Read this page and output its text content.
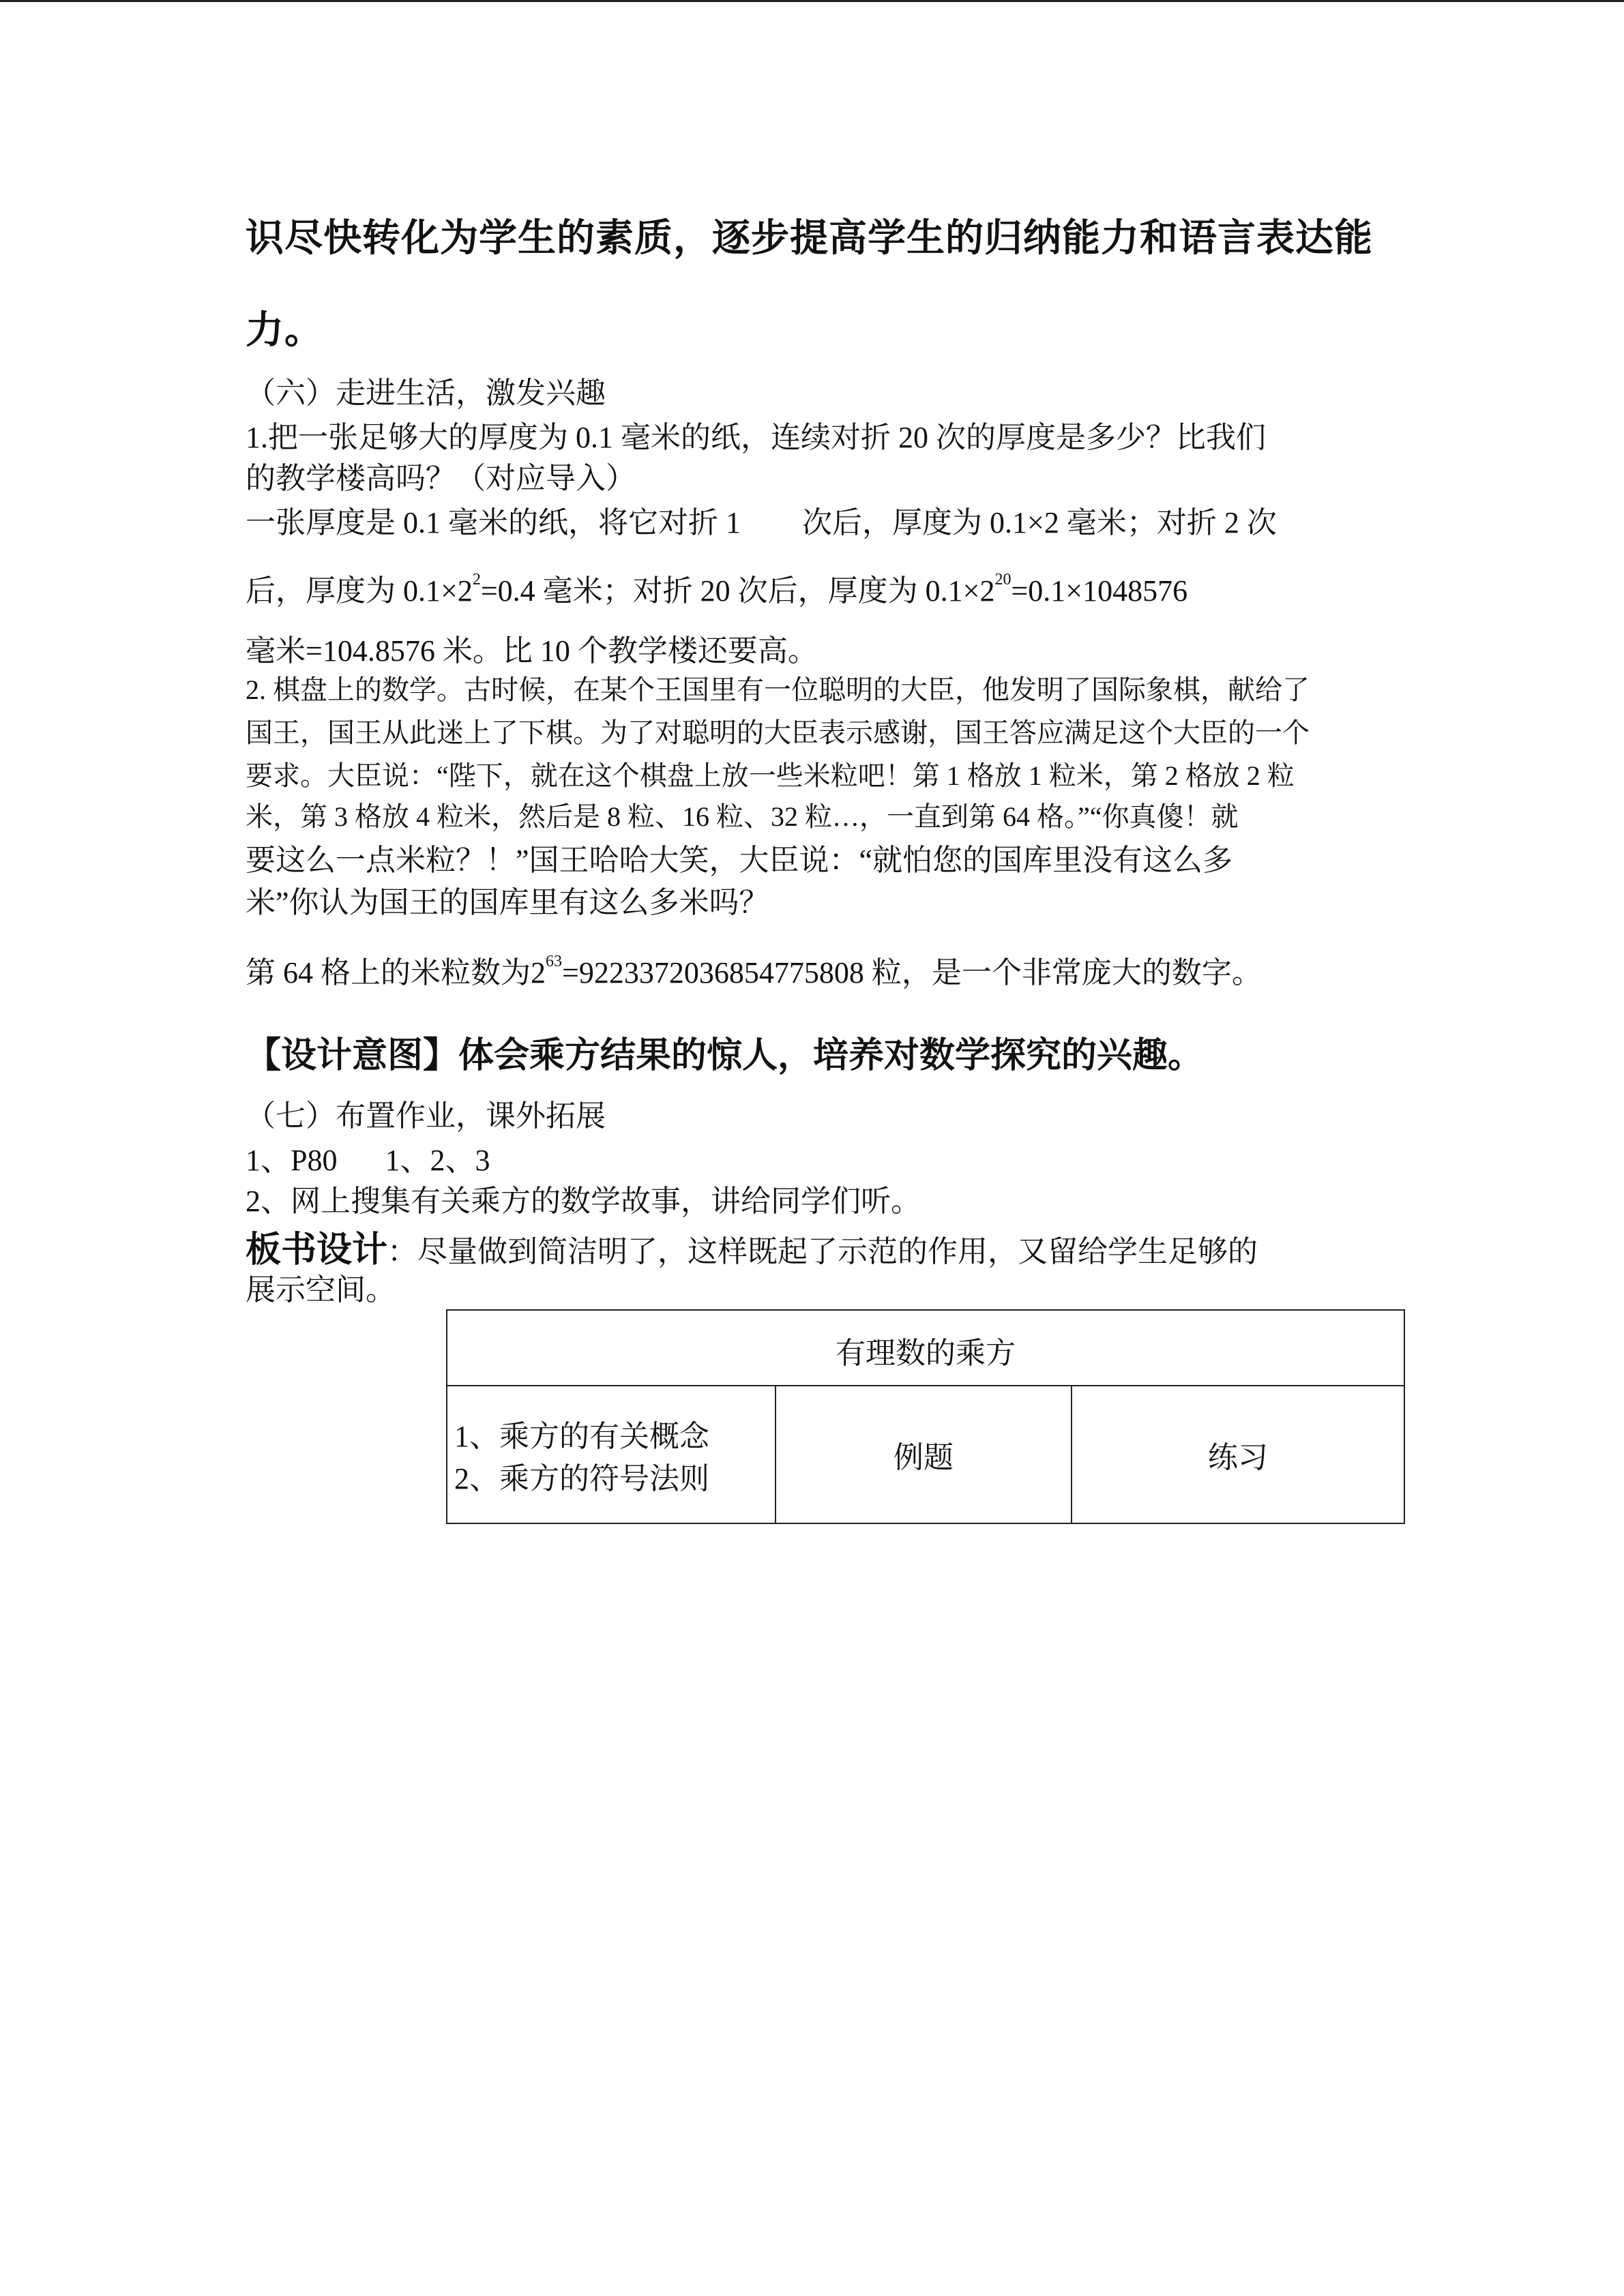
识尽快转化为学生的素质，逐步提高学生的归纳能力和语言表达能
力。
（六）走进生活，激发兴趣
1.把一张足够大的厚度为 0.1 毫米的纸，连续对折 20 次的厚度是多少？比我们
的教学楼高吗？（对应导入）
一张厚度是 0.1 毫米的纸，将它对折 1 次后，厚度为 0.1×2 毫米；对折 2 次
后，厚度为 $0.1\times 2^2=0.4$ 毫米；对折 20 次后，厚度为 $0.1\times 2^{20}=0.1\times 1048576$
毫米=104.8576 米。比 10 个教学楼还要高。
2. 棋盘上的数学。古时候，在某个王国里有一位聪明的大臣，他发明了国际象棋，献给了
国王，国王从此迷上了下棋。为了对聪明的大臣表示感谢，国王答应满足这个大臣的一个
要求。大臣说：“陛下，就在这个棋盘上放一些米粒吧！第 1 格放 1 粒米，第 2 格放 2 粒
米，第 3 格放 4 粒米，然后是 8 粒、16 粒、32 粒…，一直到第 64 格。”“你真傻！就
要这么一点米粒？！”国王哈哈大笑，大臣说：“就怕您的国库里没有这么多
米”你认为国王的国库里有这么多米吗？
第 64 格上的米粒数为$2^{63}=9223372036854775808$ 粒，是一个非常庞大的数字。
【设计意图】体会乘方结果的惊人，培养对数学探究的兴趣。
（七）布置作业，课外拓展
1、P80 1、2、3
2、网上搜集有关乘方的数学故事，讲给同学们听。
板书设计：尽量做到简洁明了，这样既起了示范的作用，又留给学生足够的
展示空间。
有理数的乘方

1、乘方的有关概念
2、乘方的符号法则
	例题	练习
